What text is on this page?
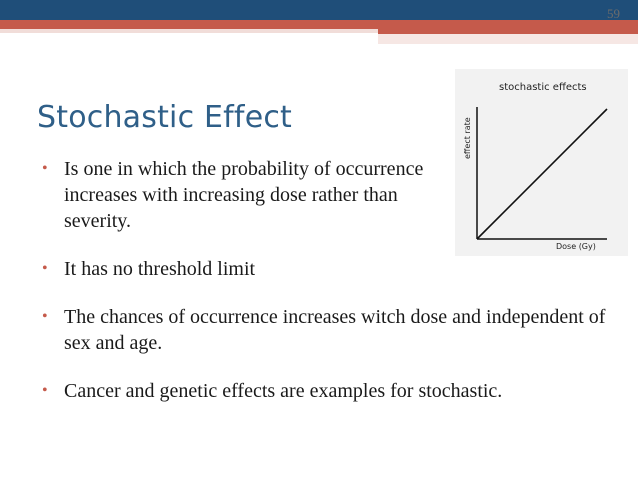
59
Stochastic Effect
• Is one in which the probability of occurrence increases with increasing dose rather than severity.
• It has no threshold limit
• The chances of occurrence increases witch dose and independent of sex and age.
• Cancer and genetic effects are examples for stochastic.
stochastic effects
effect rate
Dose (Gy)
